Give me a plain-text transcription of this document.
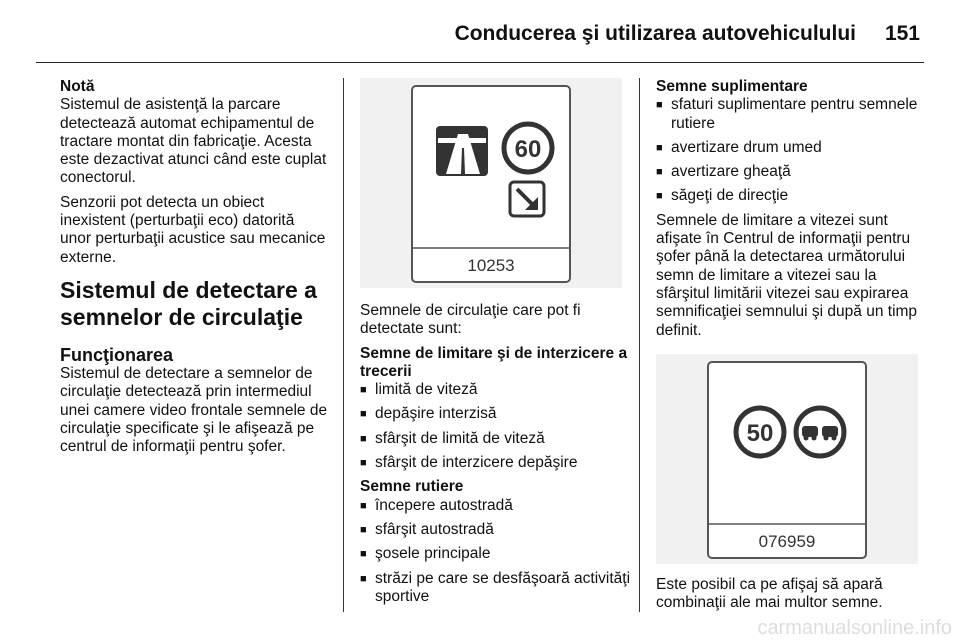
Conducerea şi utilizarea autovehiculului 151

Notă

Sistemul de asistenţă la parcare detectează automat echipamentul de tractare montat din fabricaţie. Acesta este dezactivat atunci când este cuplat conectorul.

Senzorii pot detecta un obiect inexistent (perturbaţii eco) datorită unor perturbaţii acustice sau mecanice externe.

Sistemul de detectare a semnelor de circulaţie
Funcţionarea

Sistemul de detectare a semnelor de circulaţie detectează prin intermediul unei camere video frontale semnele de circulaţie specificate şi le afişează pe centrul de informaţii pentru şofer.

60
10253

Semnele de circulaţie care pot fi detectate sunt:

Semne de limitare şi de interzicere a trecerii

■ limită de viteză
■ depăşire interzisă
■ sfârşit de limită de viteză
■ sfârşit de interzicere depăşire

Semne rutiere

■ începere autostradă
■ sfârşit autostradă
■ şosele principale
■ străzi pe care se desfăşoară activităţi sportive

Semne suplimentare

■ sfaturi suplimentare pentru semnele rutiere
■ avertizare drum umed
■ avertizare gheaţă
■ săgeţi de direcţie

Semnele de limitare a vitezei sunt afişate în Centrul de informaţii pentru şofer până la detectarea următorului semn de limitare a vitezei sau la sfârşitul limitării vitezei sau expirarea semnificaţiei semnului şi după un timp definit.

50
076959

Este posibil ca pe afişaj să apară combinaţii ale mai multor semne.

carmanualsonline.info
